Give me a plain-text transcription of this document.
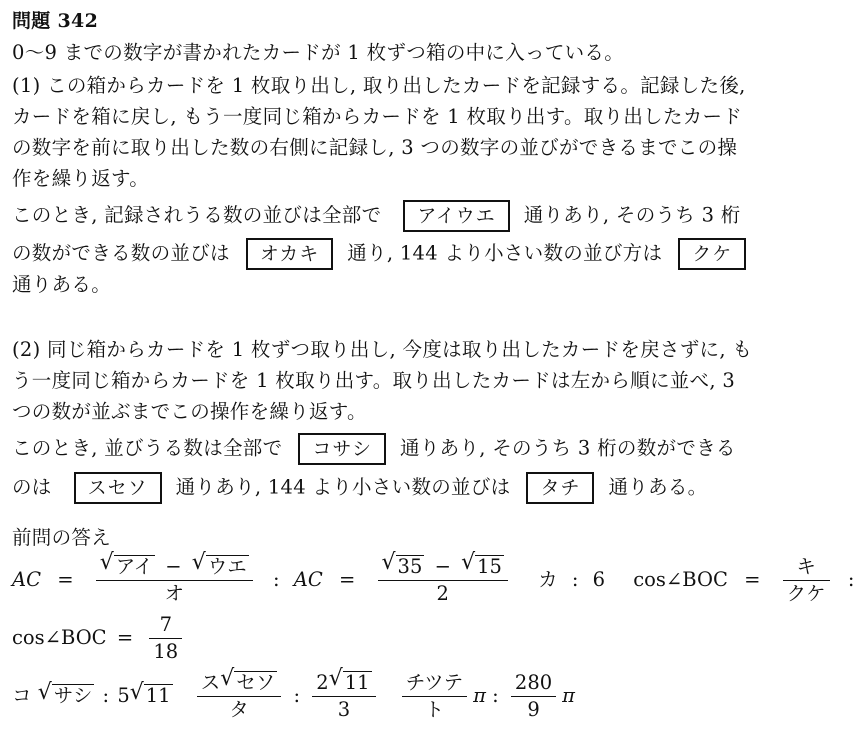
問題 342
0〜9 までの数字が書かれたカードが 1 枚ずつ箱の中に入っている。
(1) この箱からカードを 1 枚取り出し, 取り出したカードを記録する。記録した後,
カードを箱に戻し, もう一度同じ箱からカードを 1 枚取り出す。取り出したカード
の数字を前に取り出した数の右側に記録し, 3 つの数字の並びができるまでこの操
作を繰り返す。
このとき, 記録されうる数の並びは全部で アイウエ 通りあり, そのうち 3 桁
の数ができる数の並びは オカキ 通り, 144 より小さい数の並び方は クケ
通りある。
(2) 同じ箱からカードを 1 枚ずつ取り出し, 今度は取り出したカードを戻さずに, も
う一度同じ箱からカードを 1 枚取り出す。取り出したカードは左から順に並べ, 3
つの数が並ぶまでこの操作を繰り返す。
このとき, 並びうる数は全部で コサシ 通りあり, そのうち 3 桁の数ができる
のは スセソ 通りあり, 144 より小さい数の並びは タチ 通りある。
前問の答え
AC = $\frac{\text{√ アイ − √ ウエ}}{\text{オ}}$ : AC = $\frac{√ 35 - √ 15}{2}$ カ : 6 cos∠BOC = $\frac{\text{キ}}{\text{クケ}}$ :
cos∠BOC = $\frac{7}{18}$
コ √ サシ : 5 √ $11 \frac{\text{ス √ セソ}}{\text{タ}}$ : $\frac{2 √ 11}{3}$
$\frac{\text{チツテ}}{\text{ト}}$ π : $\frac{280}{9}$ π
